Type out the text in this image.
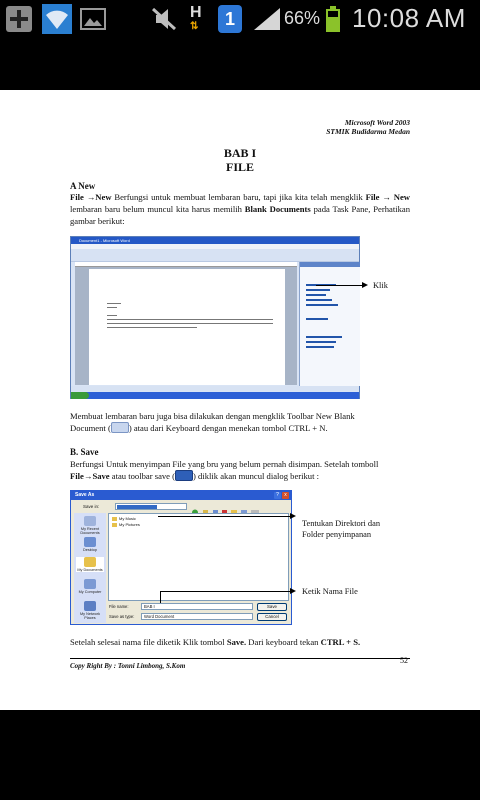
H
⇅	1	66% 10:08 AM
Microsoft Word 2003
STMIK Budidarma Medan
BAB I
FILE
A New
File →New Berfungsi untuk membuat lembaran baru, tapi jika kita telah mengklik File → New lembaran baru belum muncul kita harus memilih Blank Documents pada Task Pane, Perhatikan gambar berikut:
Document1 - Microsoft Word
Klik
Membuat lembaran baru juga bisa dilakukan dengan mengklik Toolbar New Blank
Document ( ) atau dari Keyboard dengan menekan tombol CTRL + N.
B. Save
Berfungsi Untuk menyimpan File yang bru yang belum pernah disimpan. Setelah tomboll
File→Save atau toolbar save ( ) diklik akan muncul dialog berikut :
Save As	?	x
Save in:
My Recent Documents
Desktop
My Documents
My Computer
My Network Places
My Music
My Pictures
File name:	BAB I
Save as type:	Word Document
Save
Cancel
Tentukan Direktori dan
Folder penyimpanan
Ketik Nama File
Setelah selesai nama file diketik Klik tombol Save. Dari keyboard tekan CTRL + S.
Copy Right By : Tonni Limbong, S.Kom
52
